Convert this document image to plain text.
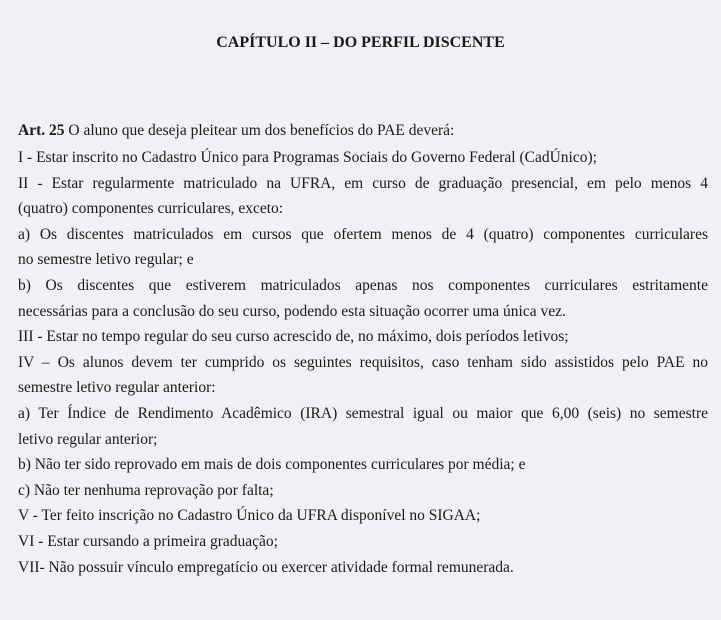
CAPÍTULO II – DO PERFIL DISCENTE
Art. 25 O aluno que deseja pleitear um dos benefícios do PAE deverá:
I - Estar inscrito no Cadastro Único para Programas Sociais do Governo Federal (CadÚnico);
II - Estar regularmente matriculado na UFRA, em curso de graduação presencial, em pelo menos 4
(quatro) componentes curriculares, exceto:
a) Os discentes matriculados em cursos que ofertem menos de 4 (quatro) componentes curriculares
no semestre letivo regular; e
b) Os discentes que estiverem matriculados apenas nos componentes curriculares estritamente
necessárias para a conclusão do seu curso, podendo esta situação ocorrer uma única vez.
III - Estar no tempo regular do seu curso acrescido de, no máximo, dois períodos letivos;
IV – Os alunos devem ter cumprido os seguintes requisitos, caso tenham sido assistidos pelo PAE no
semestre letivo regular anterior:
a) Ter Índice de Rendimento Acadêmico (IRA) semestral igual ou maior que 6,00 (seis) no semestre
letivo regular anterior;
b) Não ter sido reprovado em mais de dois componentes curriculares por média; e
c) Não ter nenhuma reprovação por falta;
V - Ter feito inscrição no Cadastro Único da UFRA disponível no SIGAA;
VI - Estar cursando a primeira graduação;
VII- Não possuir vínculo empregatício ou exercer atividade formal remunerada.
